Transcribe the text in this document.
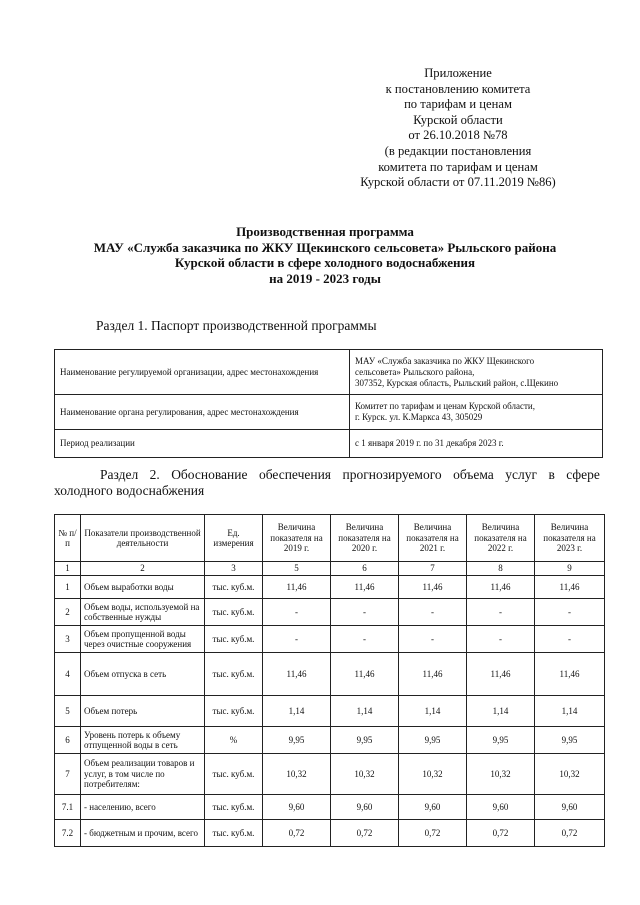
Приложение
к постановлению комитета
по тарифам и ценам
Курской области
от 26.10.2018 №78
(в редакции постановления
комитета по тарифам и ценам
Курской области от 07.11.2019 №86)
Производственная программа
МАУ «Служба заказчика по ЖКУ Щекинского сельсовета» Рыльского района
Курской области в сфере холодного водоснабжения
на 2019 - 2023 годы
Раздел 1. Паспорт производственной программы
Наименование регулируемой организации, адрес местонахождения	МАУ «Служба заказчика по ЖКУ Щекинского
сельсовета» Рыльского района,
307352, Курская область, Рыльский район, с.Щекино

Наименование органа регулирования, адрес местонахождения	Комитет по тарифам и ценам Курской области,
г. Курск. ул. К.Маркса 43, 305029

Период реализации	с 1 января 2019 г. по 31 декабря 2023 г.
Раздел 2. Обоснование обеспечения прогнозируемого объема услуг в сфере
холодного водоснабжения
№ п/п	Показатели производственной деятельности	Ед. измерения	Величина показателя на 2019 г.	Величина показателя на 2020 г.	Величина показателя на 2021 г.	Величина показателя на 2022 г.	Величина показателя на 2023 г.
1	2	3	5	6	7	8	9
1	Объем выработки воды	тыс. куб.м.	11,46	11,46	11,46	11,46	11,46
2	Объем воды, используемой на собственные нужды	тыс. куб.м.	-	-	-	-	-
3	Объем пропущенной воды через очистные сооружения	тыс. куб.м.	-	-	-	-	-
4	Объем отпуска в сеть	тыс. куб.м.	11,46	11,46	11,46	11,46	11,46
5	Объем потерь	тыс. куб.м.	1,14	1,14	1,14	1,14	1,14
6	Уровень потерь к объему отпущенной воды в сеть	%	9,95	9,95	9,95	9,95	9,95
7	Объем реализации товаров и услуг, в том числе по потребителям:	тыс. куб.м.	10,32	10,32	10,32	10,32	10,32
7.1	- населению, всего	тыс. куб.м.	9,60	9,60	9,60	9,60	9,60
7.2	- бюджетным и прочим, всего	тыс. куб.м.	0,72	0,72	0,72	0,72	0,72
